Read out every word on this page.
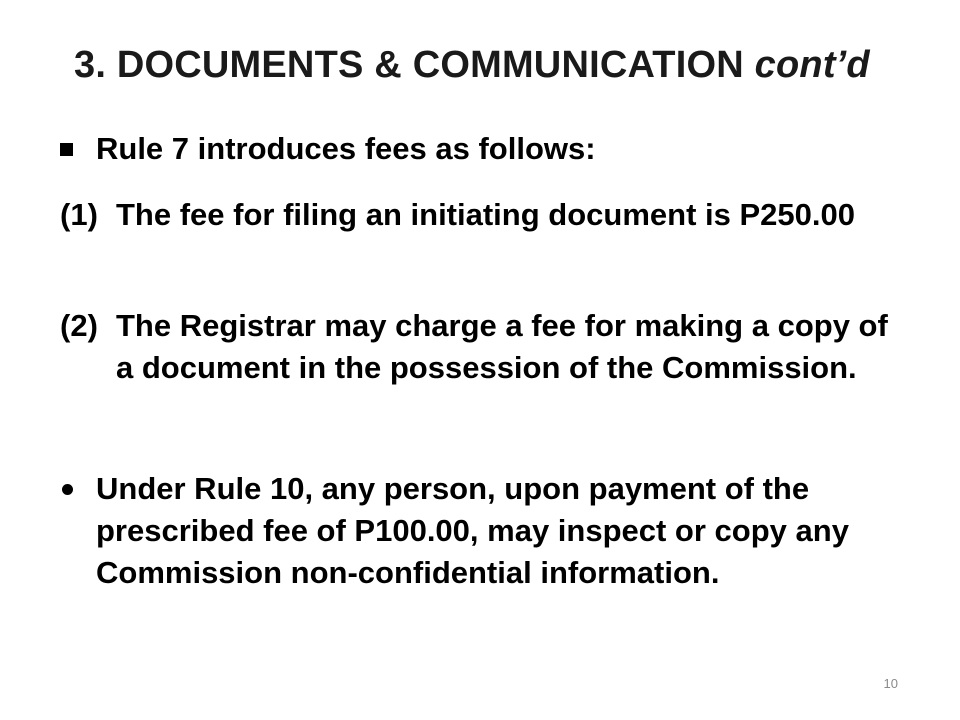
3. DOCUMENTS & COMMUNICATION cont’d
Rule 7 introduces fees as follows:
(1) The fee for filing an initiating document is P250.00
(2) The Registrar may charge a fee for making a copy of a document in the possession of the Commission.
Under Rule 10, any person, upon payment of the prescribed fee of P100.00, may inspect or copy any Commission non-confidential information.
10
